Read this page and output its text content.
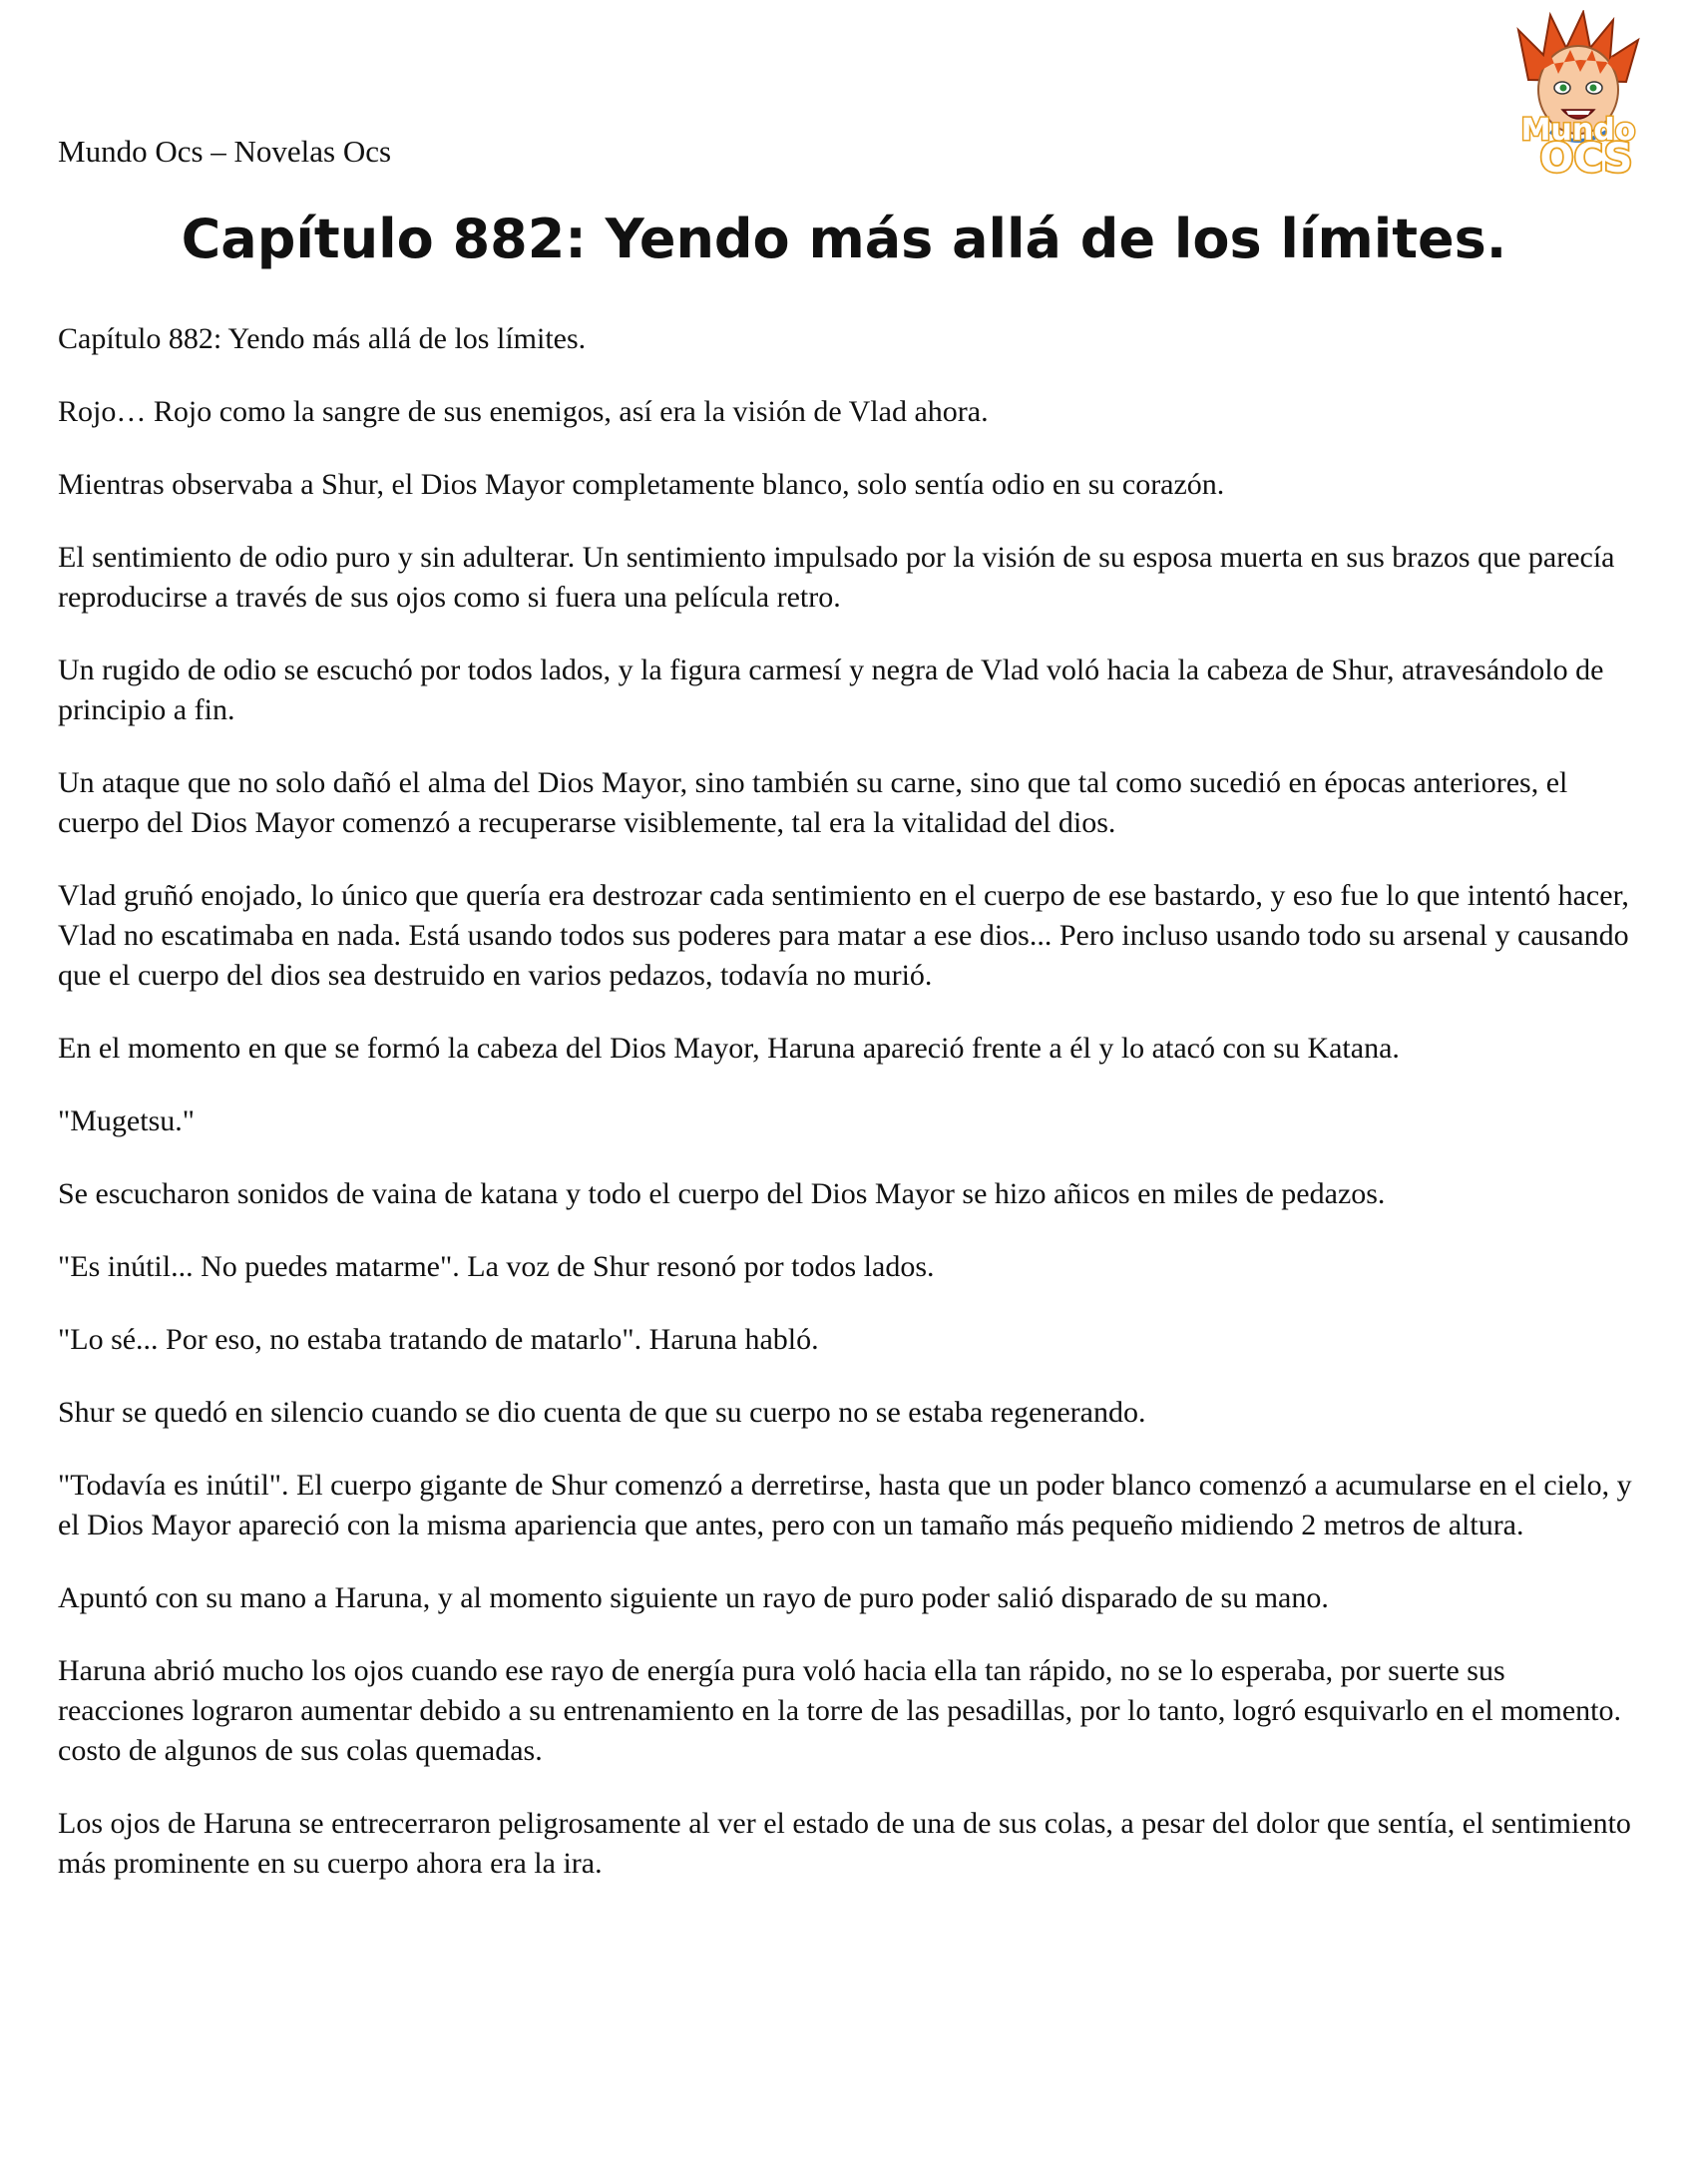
Mundo Ocs – Novelas Ocs
Mundo
OCS
Capítulo 882: Yendo más allá de los límites.

Capítulo 882: Yendo más allá de los límites.

Rojo… Rojo como la sangre de sus enemigos, así era la visión de Vlad ahora.

Mientras observaba a Shur, el Dios Mayor completamente blanco, solo sentía odio en su corazón.

El sentimiento de odio puro y sin adulterar. Un sentimiento impulsado por la visión de su esposa muerta en sus brazos que parecía reproducirse a través de sus ojos como si fuera una película retro.

Un rugido de odio se escuchó por todos lados, y la figura carmesí y negra de Vlad voló hacia la cabeza de Shur, atravesándolo de principio a fin.

Un ataque que no solo dañó el alma del Dios Mayor, sino también su carne, sino que tal como sucedió en épocas anteriores, el cuerpo del Dios Mayor comenzó a recuperarse visiblemente, tal era la vitalidad del dios.

Vlad gruñó enojado, lo único que quería era destrozar cada sentimiento en el cuerpo de ese bastardo, y eso fue lo que intentó hacer, Vlad no escatimaba en nada. Está usando todos sus poderes para matar a ese dios... Pero incluso usando todo su arsenal y causando que el cuerpo del dios sea destruido en varios pedazos, todavía no murió.

En el momento en que se formó la cabeza del Dios Mayor, Haruna apareció frente a él y lo atacó con su Katana.

"Mugetsu."

Se escucharon sonidos de vaina de katana y todo el cuerpo del Dios Mayor se hizo añicos en miles de pedazos.

"Es inútil... No puedes matarme". La voz de Shur resonó por todos lados.

"Lo sé... Por eso, no estaba tratando de matarlo". Haruna habló.

Shur se quedó en silencio cuando se dio cuenta de que su cuerpo no se estaba regenerando.

"Todavía es inútil". El cuerpo gigante de Shur comenzó a derretirse, hasta que un poder blanco comenzó a acumularse en el cielo, y el Dios Mayor apareció con la misma apariencia que antes, pero con un tamaño más pequeño midiendo 2 metros de altura.

Apuntó con su mano a Haruna, y al momento siguiente un rayo de puro poder salió disparado de su mano.

Haruna abrió mucho los ojos cuando ese rayo de energía pura voló hacia ella tan rápido, no se lo esperaba, por suerte sus reacciones lograron aumentar debido a su entrenamiento en la torre de las pesadillas, por lo tanto, logró esquivarlo en el momento. costo de algunos de sus colas quemadas.

Los ojos de Haruna se entrecerraron peligrosamente al ver el estado de una de sus colas, a pesar del dolor que sentía, el sentimiento más prominente en su cuerpo ahora era la ira.
